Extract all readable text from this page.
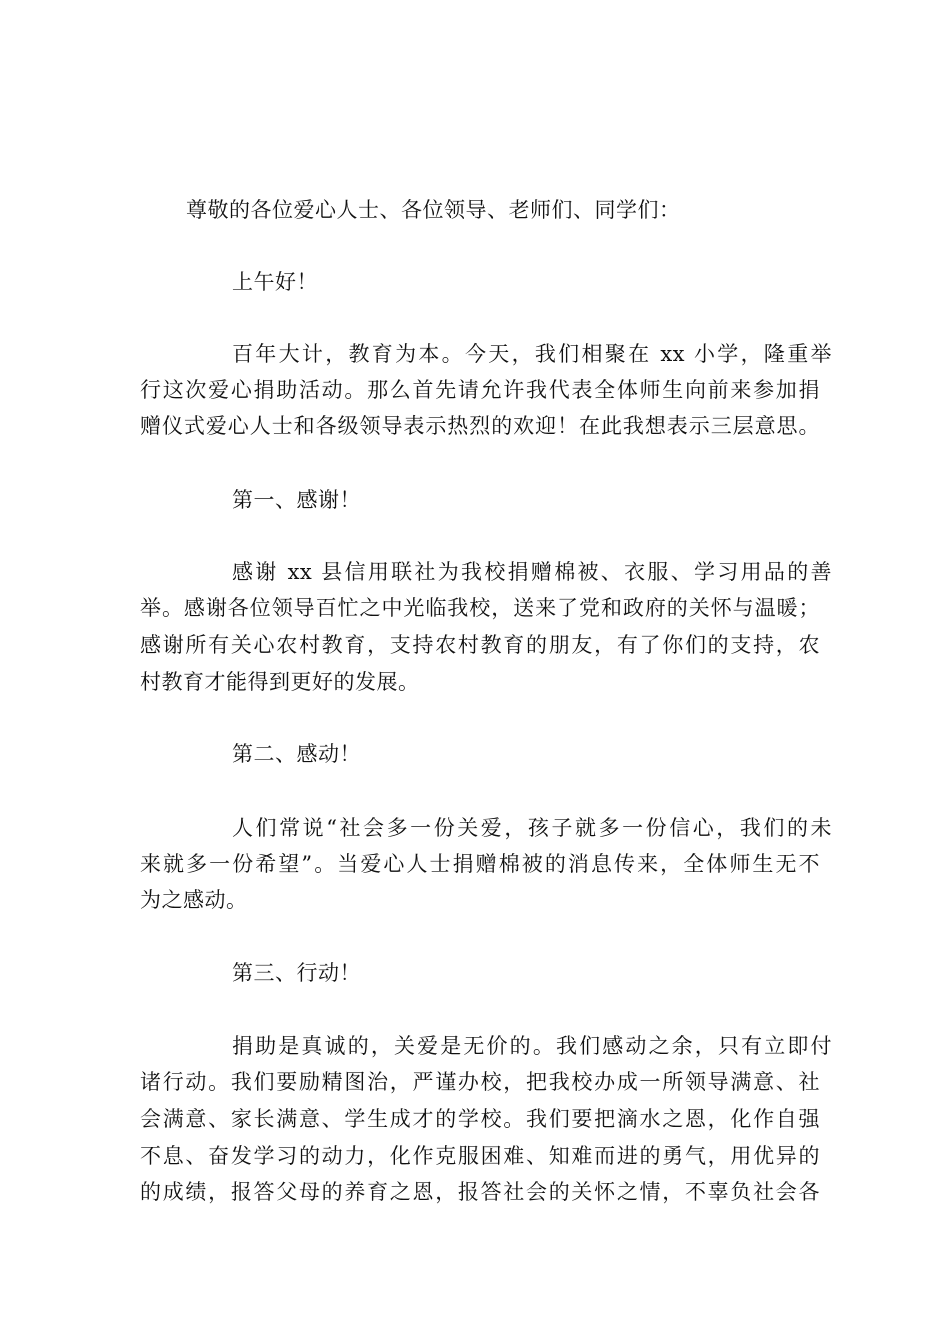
尊敬的各位爱心人士、各位领导、老师们、同学们：
上午好！
百年大计，教育为本。今天，我们相聚在 xx 小学，隆重举
行这次爱心捐助活动。那么首先请允许我代表全体师生向前来参加捐
赠仪式爱心人士和各级领导表示热烈的欢迎！在此我想表示三层意思。
第一、感谢！
感谢 xx 县信用联社为我校捐赠棉被、衣服、学习用品的善
举。感谢各位领导百忙之中光临我校，送来了党和政府的关怀与温暖；
感谢所有关心农村教育，支持农村教育的朋友，有了你们的支持，农
村教育才能得到更好的发展。
第二、感动！
人们常说“社会多一份关爱，孩子就多一份信心，我们的未
来就多一份希望”。当爱心人士捐赠棉被的消息传来，全体师生无不
为之感动。
第三、行动！
捐助是真诚的，关爱是无价的。我们感动之余，只有立即付
诸行动。我们要励精图治，严谨办校，把我校办成一所领导满意、社
会满意、家长满意、学生成才的学校。我们要把滴水之恩，化作自强
不息、奋发学习的动力，化作克服困难、知难而进的勇气，用优异的
的成绩，报答父母的养育之恩，报答社会的关怀之情，不辜负社会各
